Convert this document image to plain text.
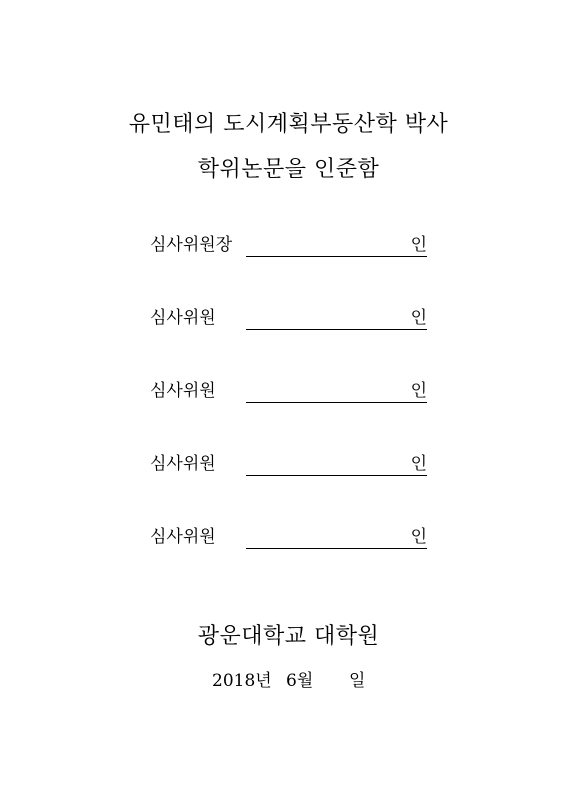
유민태의 도시계획부동산학 박사
학위논문을 인준함
심사위원장	인
심사위원	인
심사위원	인
심사위원	인
심사위원	인
광운대학교 대학원
2018년 6월 일
